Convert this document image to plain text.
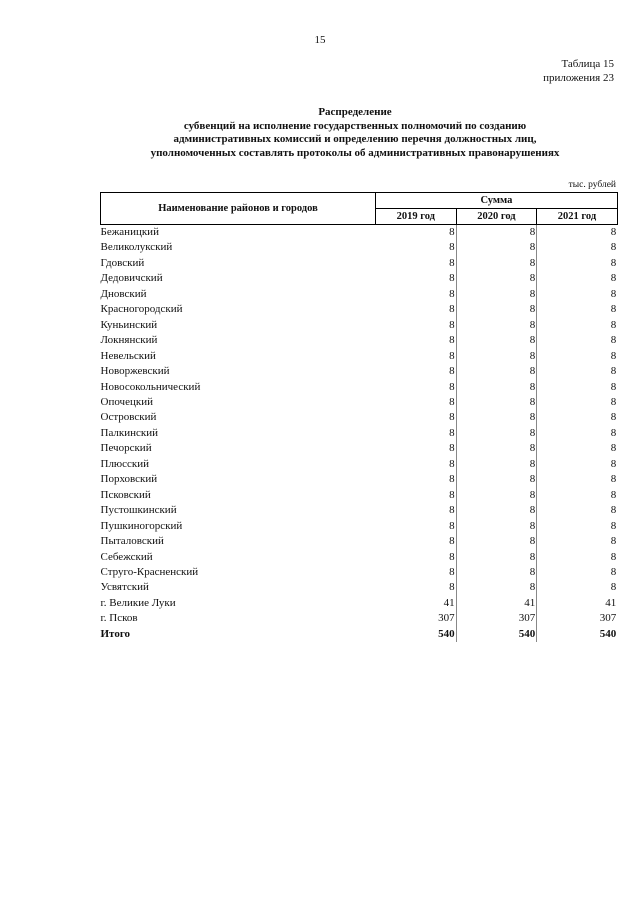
15
Таблица 15
приложения 23
Распределение
субвенций на исполнение государственных полномочий по созданию
административных комиссий и определению перечня должностных лиц,
уполномоченных составлять протоколы об административных правонарушениях
тыс. рублей
Наименование районов и городов	Сумма		
	2019 год	2020 год	2021 год
Бежаницкий	8	8	8
Великолукский	8	8	8
Гдовский	8	8	8
Дедовичский	8	8	8
Дновский	8	8	8
Красногородский	8	8	8
Куньинский	8	8	8
Локнянский	8	8	8
Невельский	8	8	8
Новоржевский	8	8	8
Новосокольнический	8	8	8
Опочецкий	8	8	8
Островский	8	8	8
Палкинский	8	8	8
Печорский	8	8	8
Плюсский	8	8	8
Порховский	8	8	8
Псковский	8	8	8
Пустошкинский	8	8	8
Пушкиногорский	8	8	8
Пыталовский	8	8	8
Себежский	8	8	8
Струго-Красненский	8	8	8
Усвятский	8	8	8
г. Великие Луки	41	41	41
г. Псков	307	307	307
Итого	540	540	540
